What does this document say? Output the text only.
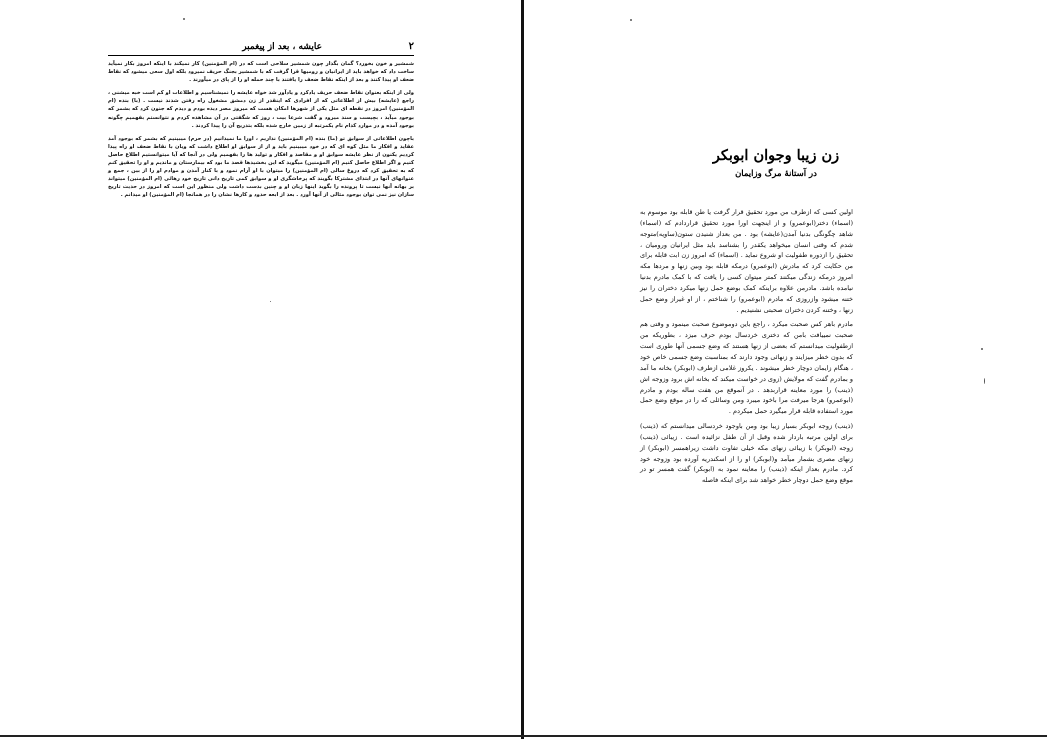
۲
عایشه ، بعد از پیغمبر

شمشیر و خون بخورد؟ گمان بگذار چون شمشیر سلاحی است که در (ام المؤمنین) کار نمیکند با اینکه امروز بکار نمیآید ساخت داد که خواهد باید از ایرانیان و رومیها قرا گرفت که با شمشیر بجنگ حریف نمیرود بلکه اول سعی میشود که نقاط ضعف او پیدا کنند و بعد از اینکه نقاط ضعف را یافتند با چند حمله او را از پای در میآورند .

ولی از اینکه بعنوان نقاط ضعف حریف یادکرد و یادآور شد خواه عایشه را نمیشناسیم و اطلاعات او کم است خبه میشنی ، راجع (عایشه) بیش از اطلاعاتی که از افرادی که اینقدر از زن دمشق مشغول راه رفتن شدند نیست . (با) بنده (ام المؤمنین) امروز در نقطه ای مثل یکی از شهرها امکان هست که میروز مصر دیده بودم و دیدم که جنون کرد که بشمر که بوجود میآید ، بچیست و سند میرود و گفت شرعا بیت ، روز که شگفتی در آن مشاهده کردم و نتوانستم بفهمیم چگونه بوجود آمده و در موارد کدام نام یکمرتبه از زمین خارج شده بلکه بتدریج آن را پیدا کردند .

باچون اطلاعاتی از سوابق تو (ما) بنده (ام المؤمنین) نداریم ، اورا ما نمیدانیم (در حرم) میبینیم که بشمر که بوجود آمد عقاید و افکار ما مثل کوه ای که در خود میبینیم باید و از از سوابق او اطلاع داشت که ویان با نقاط ضعف او راه پیدا کردیم یکنون از نظر عایشه سوابق او و مقاصد و افکار و تولید ها را بفهمیم ولی در آنجا که آیا میتوانستیم اطلاع حاصل کنیم و اگر اطلاع حاصل کنیم (ام المؤمنین) میگوید که این بخشیدها قصد ما بود که بیمارستان و ماندیم و او را تحقیق کنم که به تحقیق کرد که دروغ سالی (ام المؤمنین) را میتوان با او آرام نمود و با کنار آمدن و موادم او را از بین ، جمع و عنوانهای آنها در ابتدای مشترکا بگویند که پرخاشگری او و سوابق کمی تاریخ دانی تاریخ خود رهائی (ام المؤمنین) میتواند بر بهانه آنها نیست تا پرونده را بگوید اینها زبان او و چنین بدست داشت ولی منظور این است که امروز در حدیث تاریخ سازان نیز نمی توان بوجود مثالی از آنها آورد . بعد از ابعه حدود و کارها نشان را در همانجا (ام المؤمنین) او میدانم .

زن زیبا وجوان ابوبکر
در آستانهٔ مرگ وزایمان

اولین کسی که ازطرف من مورد تحقیق قرار گرفت یا طن قابله بود موسوم به (اسماء) دختر(ابوعمرو) و از اینجهت اورا مورد تحقیق قراردادم که (اسماء) شاهد چگونگی بدنیا آمدن(عایشه) بود . من بعداز شنیدن ستون(ساویه)متوجه شدم که وقتی انسان میخواهد یکقدر را بشناسد باید مثل ایرانیان ورومیان ، تحقیق را ازدوره طفولیت او شروع نماید . (اسماء) که امروز زن ابت قابله برای من حکایت کرد که مادرش (ابوعمرو) درمکه قابله بود وبین زنها و مردها مکه امروز درمکه زندگی میکنند کمتر میتوان کسی را یافت که با کمک مادرم بدنیا نیامده باشد. مادرمن علاوه براینکه کمک بوضع حمل زنها میکرد دختران را نیز ختنه میشود وازروزی که مادرم (ابوعمرو) را شناختم ، از او غیراز وضع حمل زنها ، وختنه کردن دختران صحبتی نشنیدیم .

مادرم باهر کس صحبت میکرد ، راجع باین دوموضوع صحبت مینمود و وقتی هم صحبت نمییافت بامن که دختری خردسال بودم حرف میزد ، بطوریکه من ازطفولیت میدانستم که بعضی از زنها هستند که وضع جسمی آنها طوری است که بدون خطر میزایند و زنهائی وجود دارند که بمناسبت وضع جسمی خاص خود ، هنگام زایمان دوچار خطر میشوند . یکروز غلامی ازطرف (ابوبکر) بخانه ما آمد و بمادرم گفت که مولایش (زوی در خواست میکند که بخانه اش برود وزوجه اش (ذینب) را مورد معاینه قراربدهد . در آنموقع من هفت ساله بودم و مادرم (ابوعمرو) هرجا میرفت مرا باخود میبرد ومن وسائلی که را در موقع وضع حمل مورد استفاده قابله قرار میگیرد حمل میکردم .

(ذینب) زوجه ابوبکر بسیار زیبا بود ومن باوجود خردسالی میدانستم که (ذینب) برای اولین مرتبه باردار شده وقبل از آن طفل نزائیده است . زیبائی (ذینب) زوجه (ابوبکر) با زیبائی زنهای مکه خیلی تفاوت داشت زیراهمسر (ابوبکر) از زنهای مصری بشمار میآمد و(ابوبکر) او را از اسکندریه آورده بود وزوجه خود کرد. مادرم بعداز اینکه (ذینب) را معاینه نمود به (ابوبکر) گفت همسر تو در موقع وضع حمل دوچار خطر خواهد شد برای اینکه فاصله
